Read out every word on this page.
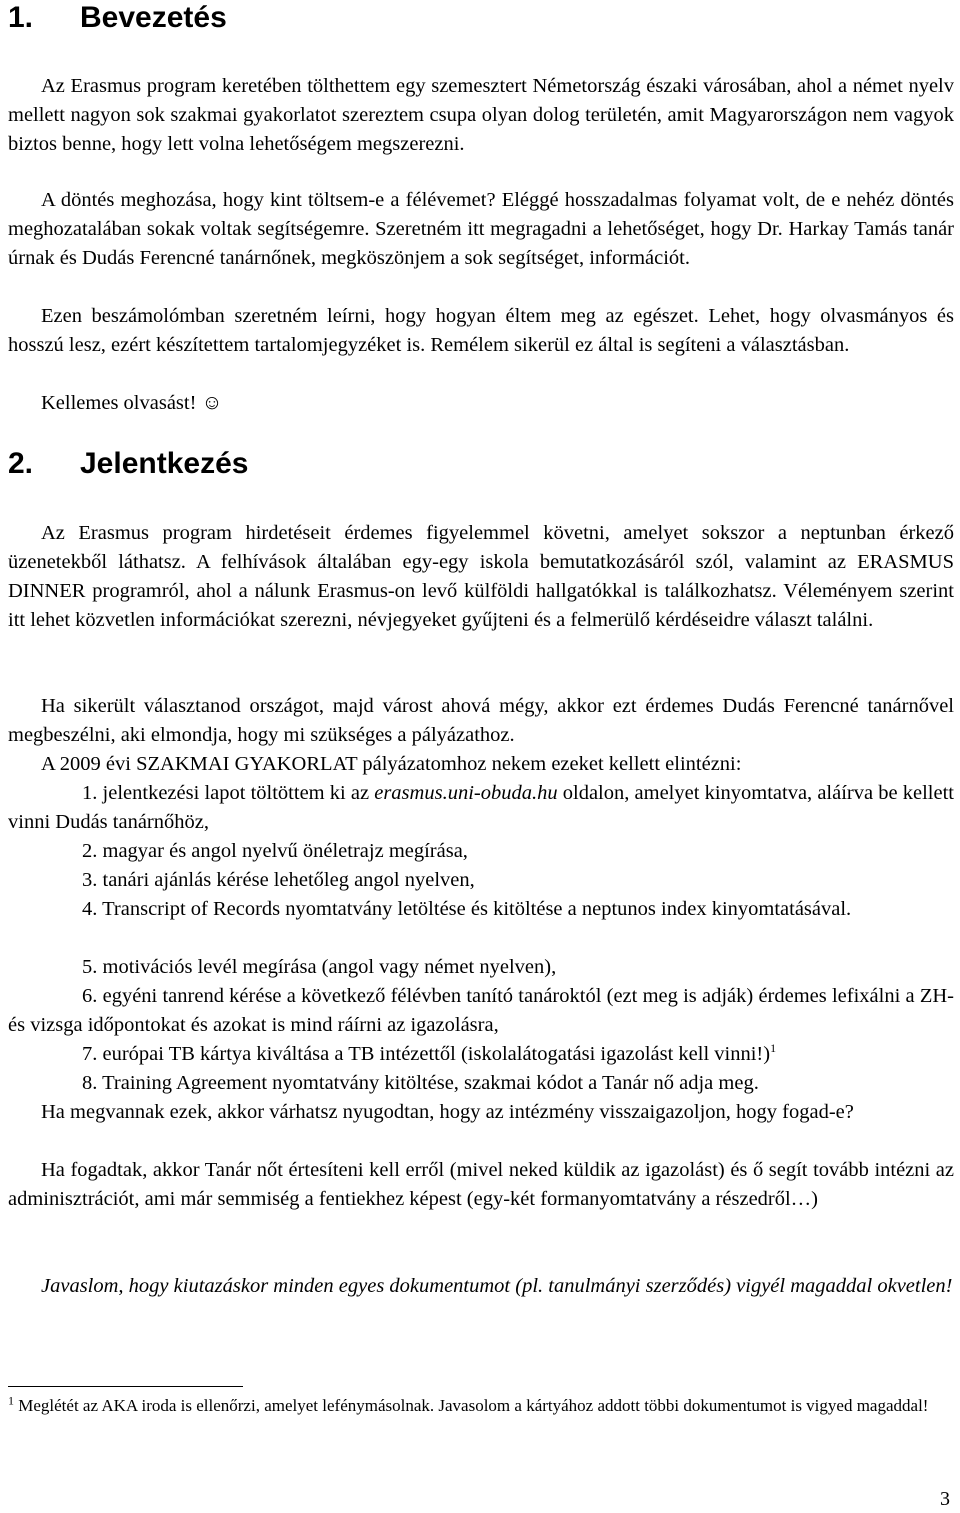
1. Bevezetés

Az Erasmus program keretében tölthettem egy szemesztert Németország északi városában, ahol a német nyelv mellett nagyon sok szakmai gyakorlatot szereztem csupa olyan dolog területén, amit Magyarországon nem vagyok biztos benne, hogy lett volna lehetőségem megszerezni.

A döntés meghozása, hogy kint töltsem-e a félévemet? Eléggé hosszadalmas folyamat volt, de e nehéz döntés meghozatalában sokak voltak segítségemre. Szeretném itt megragadni a lehetőséget, hogy Dr. Harkay Tamás tanár úrnak és Dudás Ferencné tanárnőnek, megköszönjem a sok segítséget, információt.

Ezen beszámolómban szeretném leírni, hogy hogyan éltem meg az egészet. Lehet, hogy olvasmányos és hosszú lesz, ezért készítettem tartalomjegyzéket is. Remélem sikerül ez által is segíteni a választásban.

Kellemes olvasást! ☺

2. Jelentkezés

Az Erasmus program hirdetéseit érdemes figyelemmel követni, amelyet sokszor a neptunban érkező üzenetekből láthatsz. A felhívások általában egy-egy iskola bemutatkozásáról szól, valamint az ERASMUS DINNER programról, ahol a nálunk Erasmus-on levő külföldi hallgatókkal is találkozhatsz. Véleményem szerint itt lehet közvetlen információkat szerezni, névjegyeket gyűjteni és a felmerülő kérdéseidre választ találni.

Ha sikerült választanod országot, majd várost ahová mégy, akkor ezt érdemes Dudás Ferencné tanárnővel megbeszélni, aki elmondja, hogy mi szükséges a pályázathoz.

A 2009 évi SZAKMAI GYAKORLAT pályázatomhoz nekem ezeket kellett elintézni:

1. jelentkezési lapot töltöttem ki az erasmus.uni-obuda.hu oldalon, amelyet kinyomtatva, aláírva be kellett vinni Dudás tanárnőhöz,

2. magyar és angol nyelvű önéletrajz megírása,

3. tanári ajánlás kérése lehetőleg angol nyelven,

4. Transcript of Records nyomtatvány letöltése és kitöltése a neptunos index kinyomtatásával.

5. motivációs levél megírása (angol vagy német nyelven),

6. egyéni tanrend kérése a következő félévben tanító tanároktól (ezt meg is adják) érdemes lefixálni a ZH- és vizsga időpontokat és azokat is mind ráírni az igazolásra,

7. európai TB kártya kiváltása a TB intézettől (iskolalátogatási igazolást kell vinni!)$^1$

8. Training Agreement nyomtatvány kitöltése, szakmai kódot a Tanár nő adja meg.

Ha megvannak ezek, akkor várhatsz nyugodtan, hogy az intézmény visszaigazoljon, hogy fogad-e?

Ha fogadtak, akkor Tanár nőt értesíteni kell erről (mivel neked küldik az igazolást) és ő segít tovább intézni az adminisztrációt, ami már semmiség a fentiekhez képest (egy-két formanyomtatvány a részedről…)

Javaslom, hogy kiutazáskor minden egyes dokumentumot (pl. tanulmányi szerződés) vigyél magaddal okvetlen!

$^1$ Meglétét az AKA iroda is ellenőrzi, amelyet lefénymásolnak. Javasolom a kártyához addott többi dokumentumot is vigyed magaddal!

3
